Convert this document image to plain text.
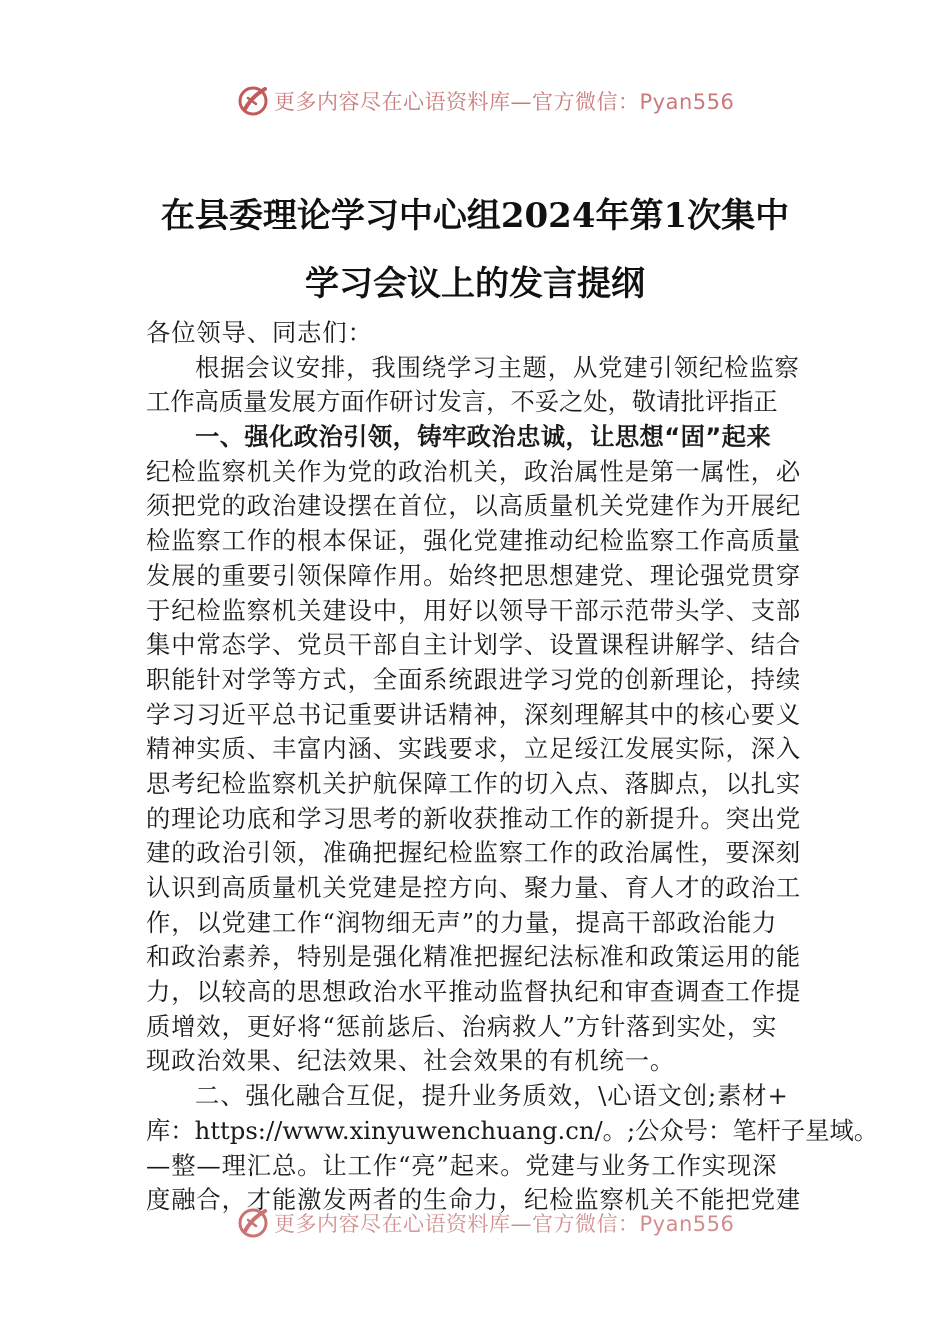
更多内容尽在心语资料库—官方微信：Pyan556
在县委理论学习中心组2024年第1次集中
学习会议上的发言提纲
各位领导、同志们：
根据会议安排，我围绕学习主题，从党建引领纪检监察
工作高质量发展方面作研讨发言，不妥之处，敬请批评指正
一、强化政治引领，铸牢政治忠诚，让思想“固”起来
纪检监察机关作为党的政治机关，政治属性是第一属性，必
须把党的政治建设摆在首位，以高质量机关党建作为开展纪
检监察工作的根本保证，强化党建推动纪检监察工作高质量
发展的重要引领保障作用。始终把思想建党、理论强党贯穿
于纪检监察机关建设中，用好以领导干部示范带头学、支部
集中常态学、党员干部自主计划学、设置课程讲解学、结合
职能针对学等方式，全面系统跟进学习党的创新理论，持续
学习习近平总书记重要讲话精神，深刻理解其中的核心要义
精神实质、丰富内涵、实践要求，立足绥江发展实际，深入
思考纪检监察机关护航保障工作的切入点、落脚点，以扎实
的理论功底和学习思考的新收获推动工作的新提升。突出党
建的政治引领，准确把握纪检监察工作的政治属性，要深刻
认识到高质量机关党建是控方向、聚力量、育人才的政治工
作，以党建工作“润物细无声”的力量，提高干部政治能力
和政治素养，特别是强化精准把握纪法标准和政策运用的能
力，以较高的思想政治水平推动监督执纪和审查调查工作提
质增效，更好将“惩前毖后、治病救人”方针落到实处，实
现政治效果、纪法效果、社会效果的有机统一。
二、强化融合互促，提升业务质效，\心语文创;素材+
库：https://www.xinyuwenchuang.cn/。;公众号：笔杆子星域。
—整—理汇总。让工作“亮”起来。党建与业务工作实现深
度融合，才能激发两者的生命力，纪检监察机关不能把党建
更多内容尽在心语资料库—官方微信：Pyan556
